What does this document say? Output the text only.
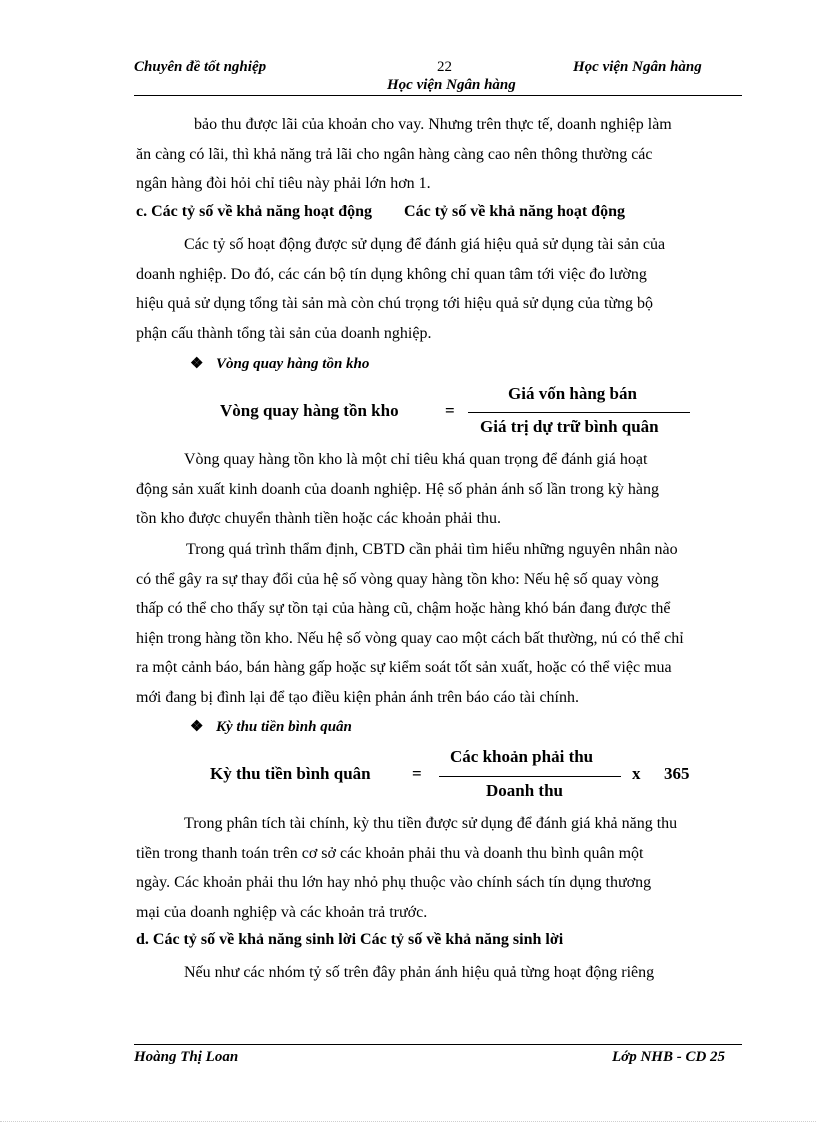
Chuyên đề tốt nghiệp	22	Học viện Ngân hàng
Học viện Ngân hàng
bảo thu được lãi của khoản cho vay. Nhưng trên thực tế, doanh nghiệp làm
ăn càng có lãi, thì khả năng trả lãi cho ngân hàng càng cao nên thông thường các
ngân hàng đòi hỏi chỉ tiêu này phải lớn hơn 1.
c. Các tỷ số về khả năng hoạt động        Các tỷ số về khả năng hoạt động
Các tỷ số hoạt động được sử dụng để đánh giá hiệu quả sử dụng tài sản của
doanh nghiệp. Do đó, các cán bộ tín dụng không chỉ quan tâm tới việc đo lường
hiệu quả sử dụng tổng tài sản mà còn chú trọng tới hiệu quả sử dụng của từng bộ
phận cấu thành tổng tài sản của doanh nghiệp.
❖ Vòng quay hàng tồn kho
Vòng quay hàng tồn kho	=
Giá vốn hàng bán
Giá trị dự trữ bình quân
Vòng quay hàng tồn kho là một chỉ tiêu khá quan trọng để đánh giá hoạt
động sản xuất kinh doanh của doanh nghiệp. Hệ số phản ánh số lần trong kỳ hàng
tồn kho được chuyển thành tiền hoặc các khoản phải thu.
Trong quá trình thẩm định, CBTD cần phải tìm hiểu những nguyên nhân nào
có thể gây ra sự thay đổi của hệ số vòng quay hàng tồn kho: Nếu hệ số quay vòng
thấp có thể cho thấy sự tồn tại của hàng cũ, chậm hoặc hàng khó bán đang được thể
hiện trong hàng tồn kho. Nếu hệ số vòng quay cao một cách bất thường, nú có thể chỉ
ra một cảnh báo, bán hàng gấp hoặc sự kiểm soát tốt sản xuất, hoặc có thể việc mua
mới đang bị đình lại để tạo điều kiện phản ánh trên báo cáo tài chính.
❖ Kỳ thu tiền bình quân
Kỳ thu tiền bình quân =
Các khoản phải thu
Doanh thu
x 365
Trong phân tích tài chính, kỳ thu tiền được sử dụng để đánh giá khả năng thu
tiền trong thanh toán trên cơ sở các khoản phải thu và doanh thu bình quân một
ngày. Các khoản phải thu lớn hay nhỏ phụ thuộc vào chính sách tín dụng thương
mại của doanh nghiệp và các khoản trả trước.
d. Các tỷ số về khả năng sinh lời Các tỷ số về khả năng sinh lời
Nếu như các nhóm tỷ số trên đây phản ánh hiệu quả từng hoạt động riêng
Hoàng Thị Loan	Lớp NHB - CD 25
